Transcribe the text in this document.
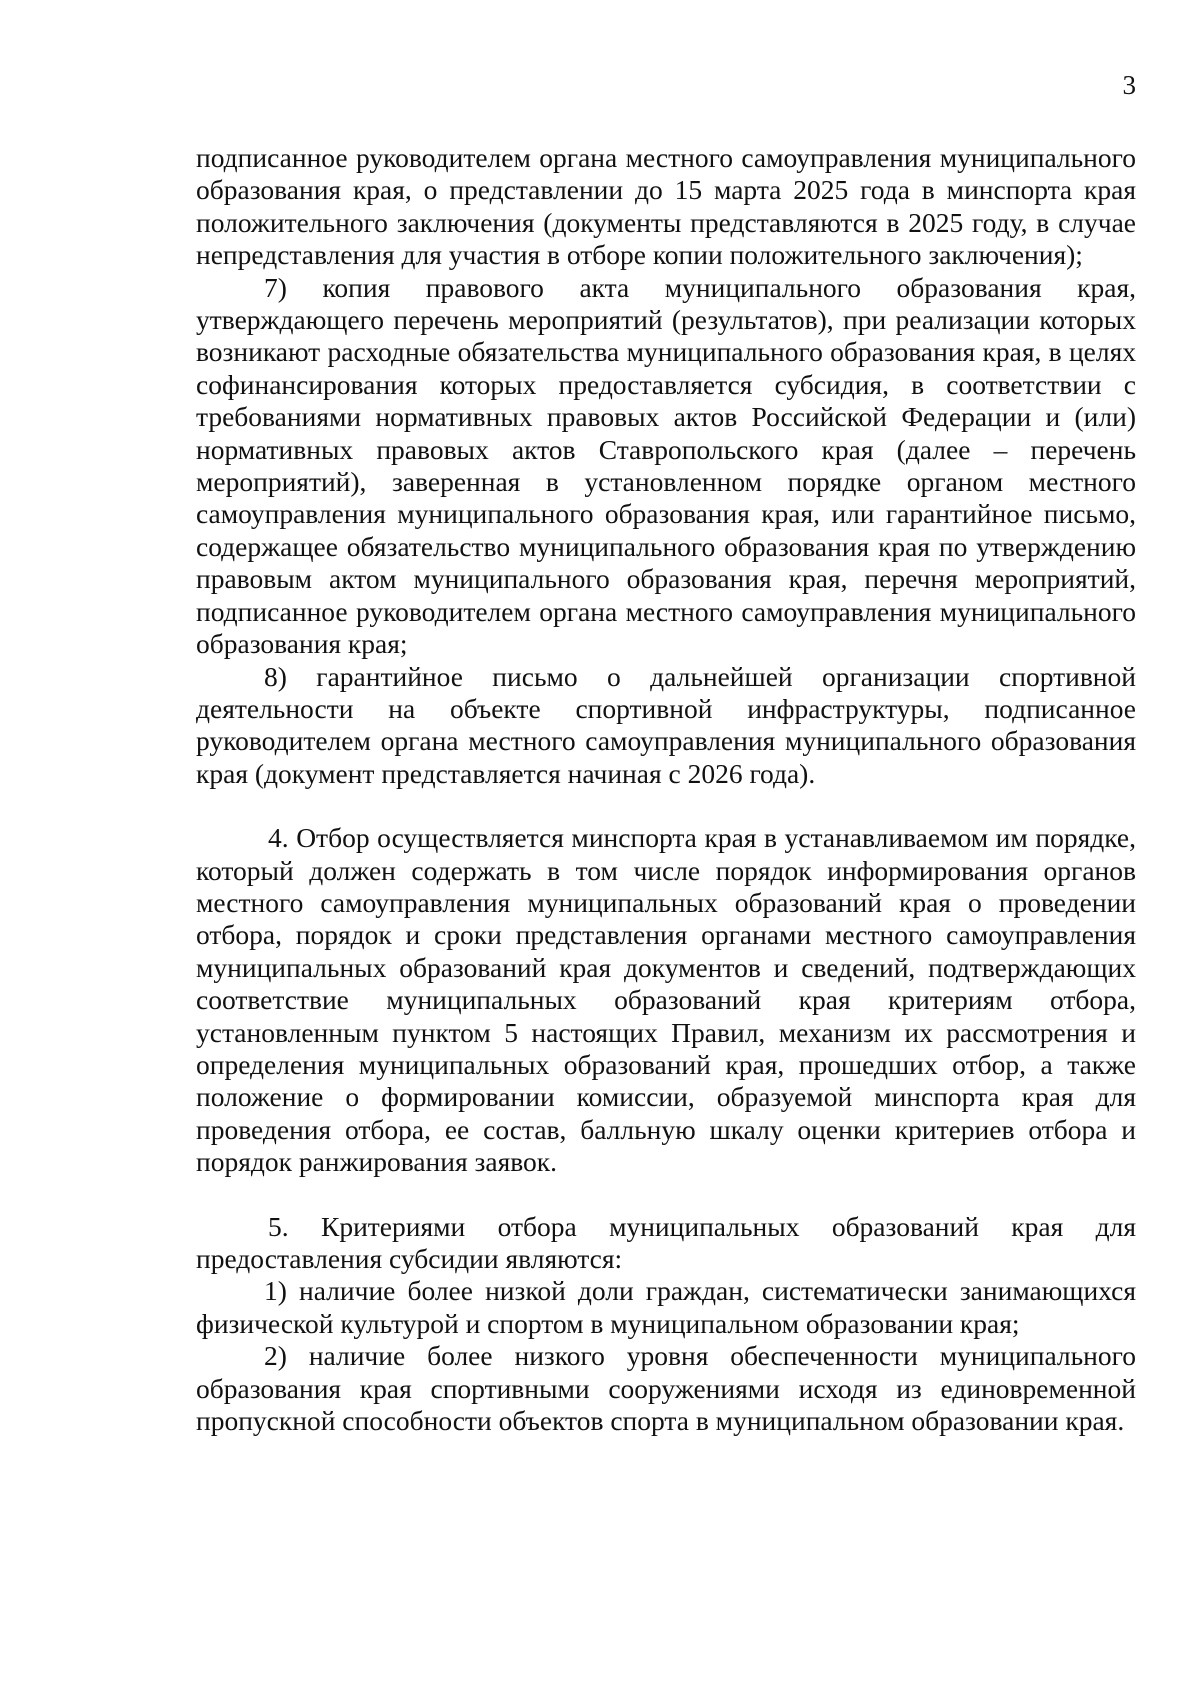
3

подписанное руководителем органа местного самоуправления муниципального образования края, о представлении до 15 марта 2025 года в минспорта края положительного заключения (документы представляются в 2025 году, в случае непредставления для участия в отборе копии положительного заключения);

7) копия правового акта муниципального образования края, утверждающего перечень мероприятий (результатов), при реализации которых возникают расходные обязательства муниципального образования края, в целях софинансирования которых предоставляется субсидия, в соответствии с требованиями нормативных правовых актов Российской Федерации и (или) нормативных правовых актов Ставропольского края (далее – перечень мероприятий), заверенная в установленном порядке органом местного самоуправления муниципального образования края, или гарантийное письмо, содержащее обязательство муниципального образования края по утверждению правовым актом муниципального образования края, перечня мероприятий, подписанное руководителем органа местного самоуправления муниципального образования края;

8) гарантийное письмо о дальнейшей организации спортивной деятельности на объекте спортивной инфраструктуры, подписанное руководителем органа местного самоуправления муниципального образования края (документ представляется начиная с 2026 года).

4. Отбор осуществляется минспорта края в устанавливаемом им порядке, который должен содержать в том числе порядок информирования органов местного самоуправления муниципальных образований края о проведении отбора, порядок и сроки представления органами местного самоуправления муниципальных образований края документов и сведений, подтверждающих соответствие муниципальных образований края критериям отбора, установленным пунктом 5 настоящих Правил, механизм их рассмотрения и определения муниципальных образований края, прошедших отбор, а также положение о формировании комиссии, образуемой минспорта края для проведения отбора, ее состав, балльную шкалу оценки критериев отбора и порядок ранжирования заявок.

5. Критериями отбора муниципальных образований края для предоставления субсидии являются:

1) наличие более низкой доли граждан, систематически занимающихся физической культурой и спортом в муниципальном образовании края;

2) наличие более низкого уровня обеспеченности муниципального образования края спортивными сооружениями исходя из единовременной пропускной способности объектов спорта в муниципальном образовании края.
